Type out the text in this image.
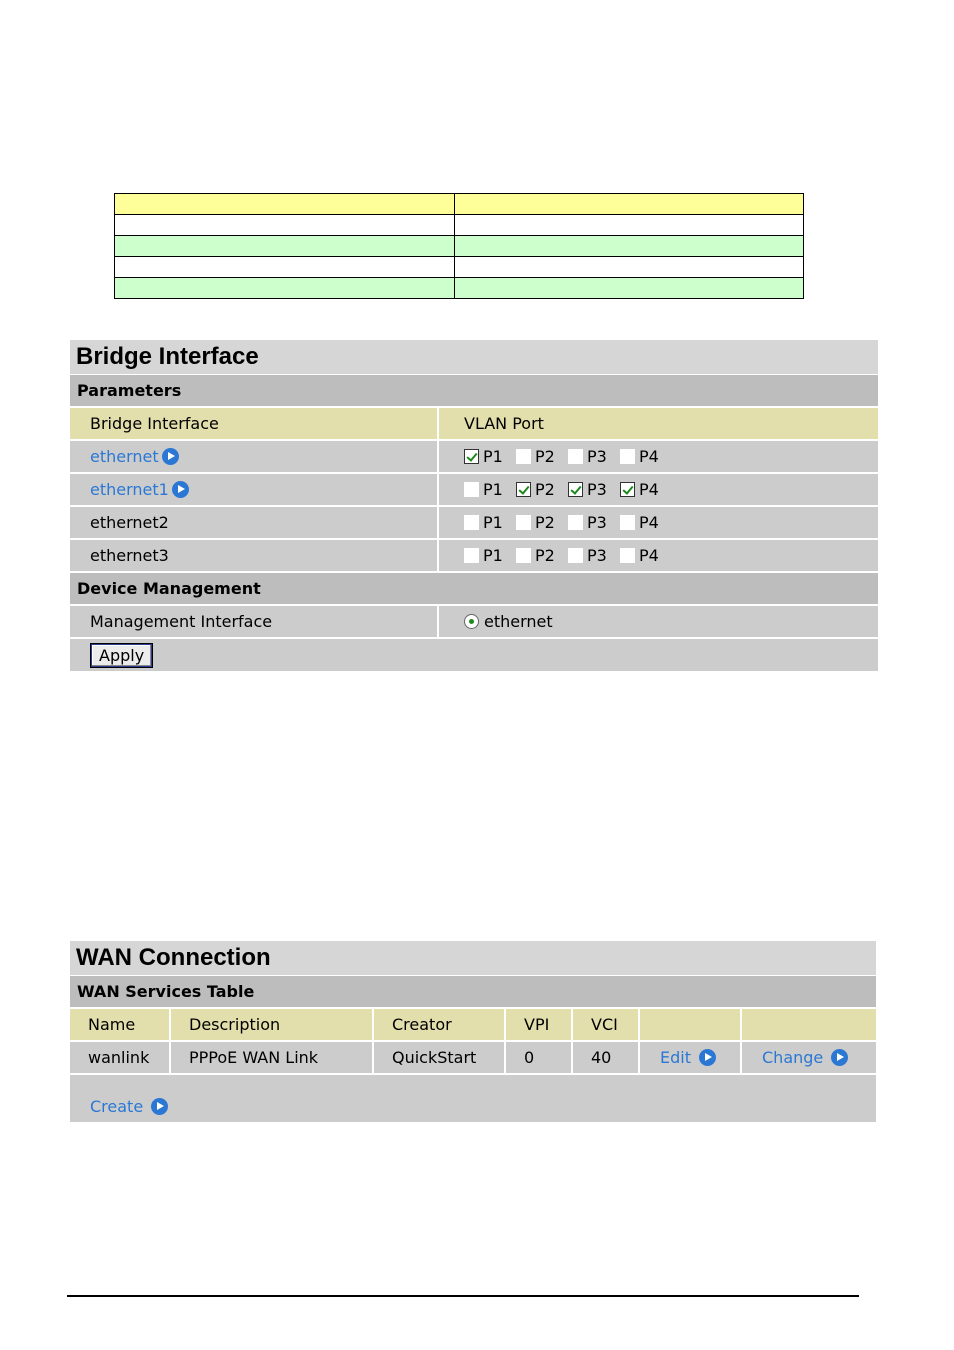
Bridge Interface
Parameters
Bridge Interface	VLAN Port
ethernet	P1 P2 P3 P4
ethernet1	P1 P2 P3 P4
ethernet2	P1 P2 P3 P4
ethernet3	P1 P2 P3 P4
Device Management
Management Interface	ethernet
Apply
WAN Connection
WAN Services Table
Name	Description	Creator	VPI	VCI
wanlink	PPPoE WAN Link	QuickStart	0	40	Edit	Change
Create
